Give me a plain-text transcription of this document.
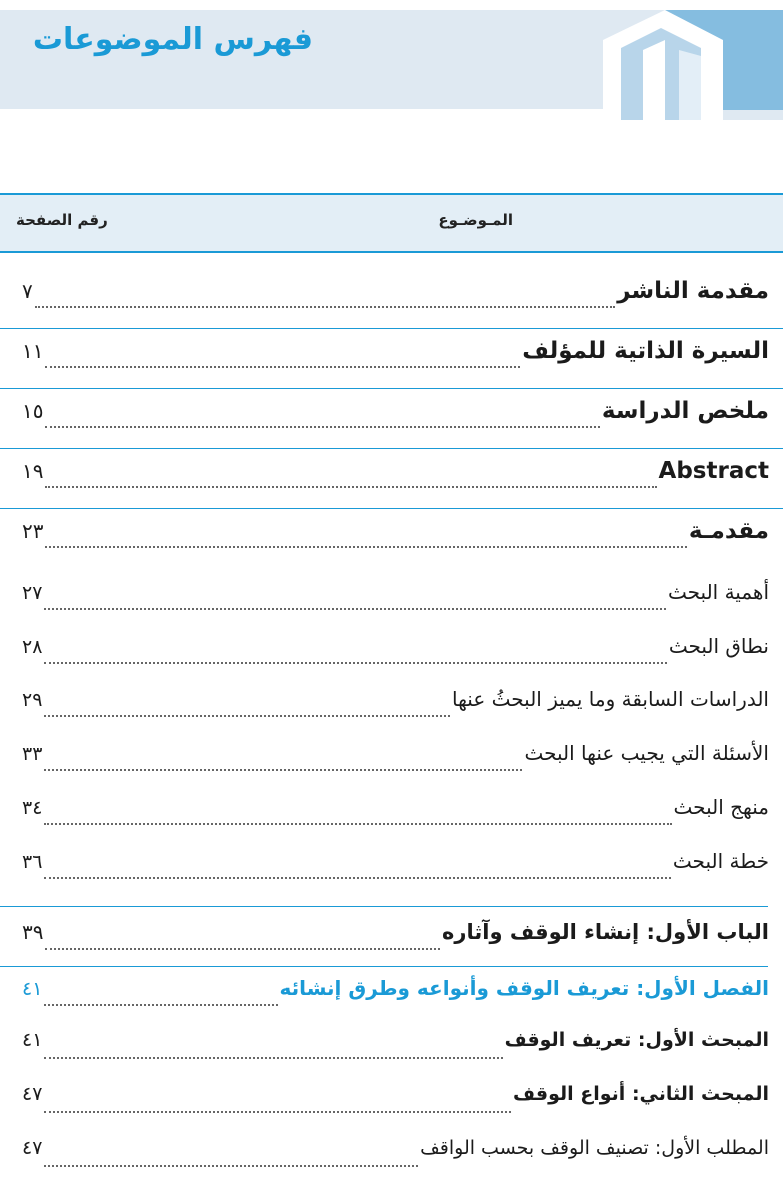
فهرس الموضوعات
المـوضـوع
رقم الصفحة
مقدمة الناشر
٧
السيرة الذاتية للمؤلف
١١
ملخص الدراسة
١٥
Abstract
١٩
مقدمـة
٢٣
أهمية البحث
٢٧
نطاق البحث
٢٨
الدراسات السابقة وما يميز البحثُ عنها
٢٩
الأسئلة التي يجيب عنها البحث
٣٣
منهج البحث
٣٤
خطة البحث
٣٦
الباب الأول: إنشاء الوقف وآثاره
٣٩
الفصل الأول: تعريف الوقف وأنواعه وطرق إنشائه
٤١
المبحث الأول: تعريف الوقف
٤١
المبحث الثاني: أنواع الوقف
٤٧
المطلب الأول: تصنيف الوقف بحسب الواقف
٤٧
